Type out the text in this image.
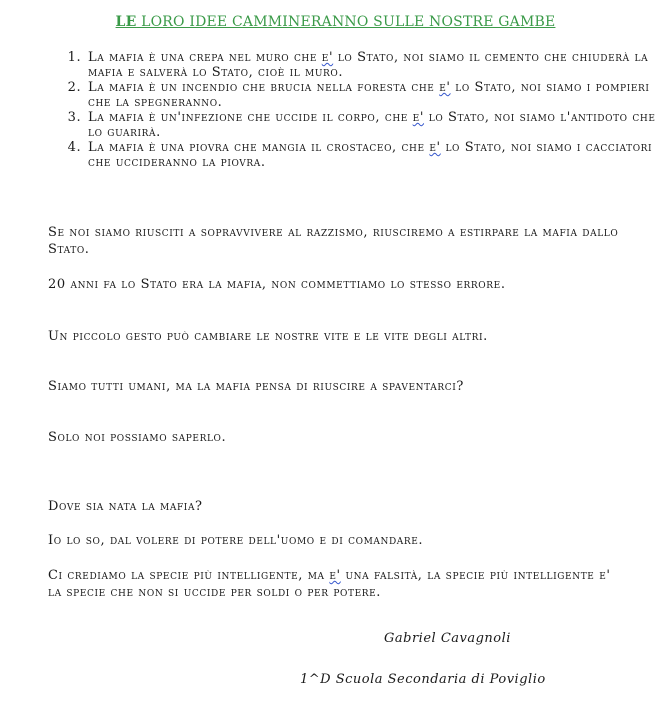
LE LORO IDEE CAMMINERANNO SULLE NOSTRE GAMBE
1. La mafia è una crepa nel muro che e' lo Stato, noi siamo il cemento che chiuderà la mafia e salverà lo Stato, cioè il muro.
2. La mafia è un incendio che brucia nella foresta che e' lo Stato, noi siamo i pompieri che la spegneranno.
3. La mafia è un'infezione che uccide il corpo, che e' lo Stato, noi siamo l'antidoto che lo guarirà.
4. La mafia è una piovra che mangia il crostaceo, che e' lo Stato, noi siamo i cacciatori che uccideranno la piovra.

Se noi siamo riusciti a sopravvivere al razzismo, riusciremo a estirpare la mafia dallo Stato.

20 anni fa lo Stato era la mafia, non commettiamo lo stesso errore.

Un piccolo gesto può cambiare le nostre vite e le vite degli altri.

Siamo tutti umani, ma la mafia pensa di riuscire a spaventarci?

Solo noi possiamo saperlo.

Dove sia nata la mafia?

Io lo so, dal volere di potere dell'uomo e di comandare.

Ci crediamo la specie più intelligente, ma e' una falsità, la specie più intelligente e' la specie che non si uccide per soldi o per potere.

Gabriel Cavagnoli
1^D Scuola Secondaria di Poviglio
